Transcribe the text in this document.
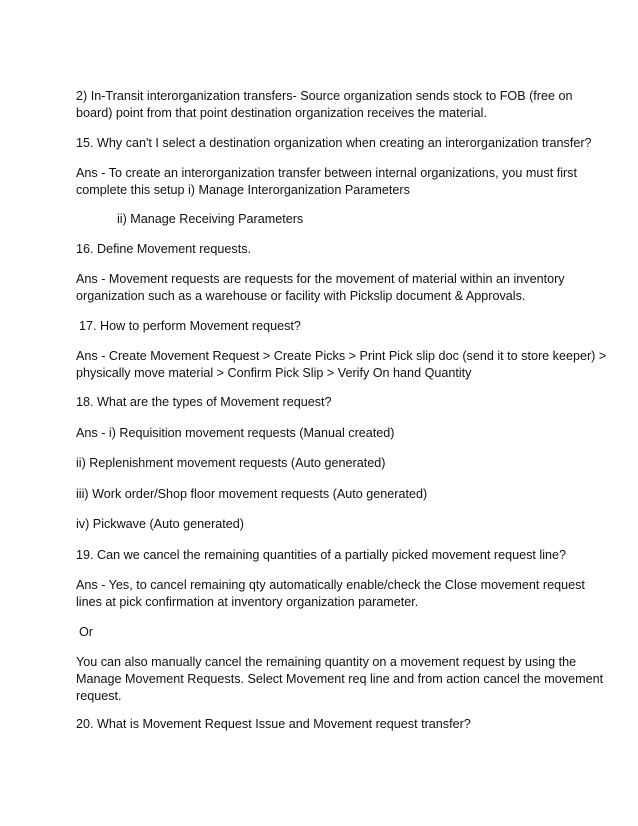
2) In-Transit interorganization transfers- Source organization sends stock to FOB (free on
board) point from that point destination organization receives the material.
15. Why can't I select a destination organization when creating an interorganization transfer?
Ans - To create an interorganization transfer between internal organizations, you must first
complete this setup i) Manage Interorganization Parameters
ii) Manage Receiving Parameters
16. Define Movement requests.
Ans - Movement requests are requests for the movement of material within an inventory
organization such as a warehouse or facility with Pickslip document & Approvals.
17. How to perform Movement request?
Ans - Create Movement Request > Create Picks > Print Pick slip doc (send it to store keeper) >
physically move material > Confirm Pick Slip > Verify On hand Quantity
18. What are the types of Movement request?
Ans - i) Requisition movement requests (Manual created)
ii) Replenishment movement requests (Auto generated)
iii) Work order/Shop floor movement requests (Auto generated)
iv) Pickwave (Auto generated)
19. Can we cancel the remaining quantities of a partially picked movement request line?
Ans - Yes, to cancel remaining qty automatically enable/check the Close movement request
lines at pick confirmation at inventory organization parameter.
Or
You can also manually cancel the remaining quantity on a movement request by using the
Manage Movement Requests. Select Movement req line and from action cancel the movement
request.
20. What is Movement Request Issue and Movement request transfer?
